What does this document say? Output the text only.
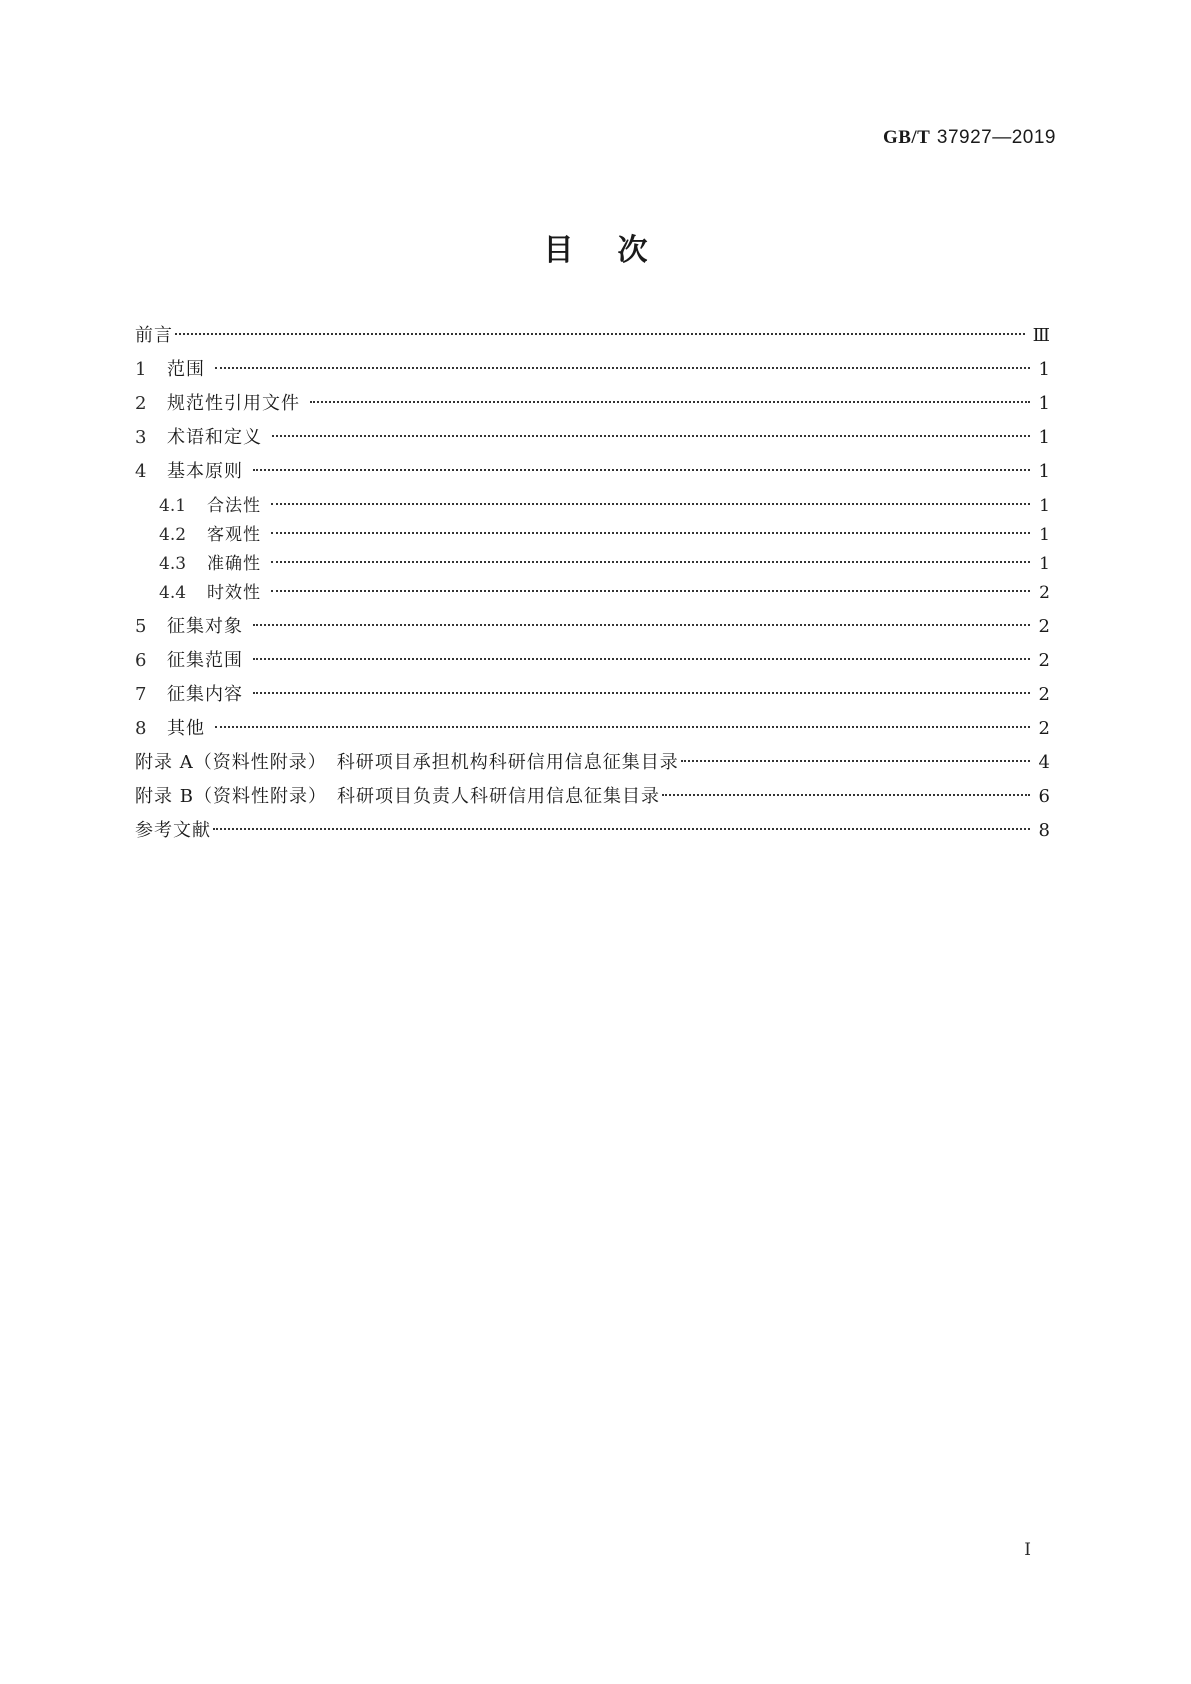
GB/T 37927—2019
目次
前言	Ⅲ
1	范围	1
2	规范性引用文件	1
3	术语和定义	1
4	基本原则	1
4.1	合法性	1
4.2	客观性	1
4.3	准确性	1
4.4	时效性	2
5	征集对象	2
6	征集范围	2
7	征集内容	2
8	其他	2
附录 A（资料性附录）　科研项目承担机构科研信用信息征集目录	4
附录 B（资料性附录）　科研项目负责人科研信用信息征集目录	6
参考文献	8
Ⅰ
